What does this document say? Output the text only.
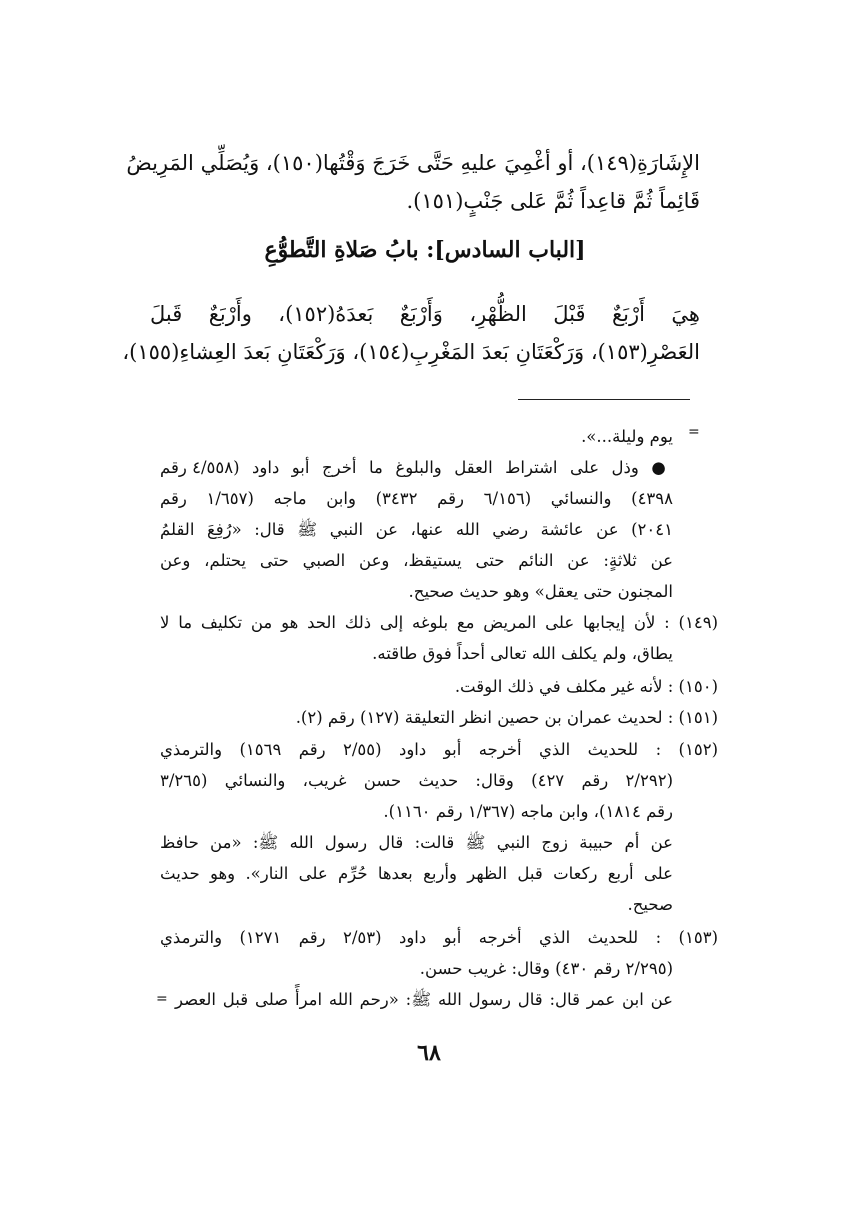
الإِشَارَةِ(١٤٩)، أو أغْمِيَ عليهِ حَتَّى خَرَجَ وَقْتُها(١٥٠)، وَيُصَلِّي المَرِيضُ
قَائِماً ثُمَّ قاعِداً ثُمَّ عَلى جَنْبٍ(١٥١).
[الباب السادس]: بابُ صَلاةِ التَّطوُّعِ
هِيَ أَرْبَعٌ قَبْلَ الظُّهْرِ، وَأَرْبَعٌ بَعدَهُ(١٥٢)، وأَرْبَعٌ قَبلَ
العَصْرِ(١٥٣)، وَرَكْعَتَانِ بَعدَ المَغْرِبِ(١٥٤)، وَرَكْعَتَانِ بَعدَ العِشاءِ(١٥٥)،
=
يوم وليلة...».
● وذل على اشتراط العقل والبلوغ ما أخرج أبو داود (٤/٥٥٨ رقم
٤٣٩٨) والنسائي (٦/١٥٦ رقم ٣٤٣٢) وابن ماجه (١/٦٥٧ رقم
٢٠٤١) عن عائشة رضي الله عنها، عن النبي ﷺ قال: «رُفِعَ القلمُ
عن ثلاثةٍ: عن النائم حتى يستيقظ، وعن الصبي حتى يحتلم، وعن
المجنون حتى يعقل» وهو حديث صحيح.
(١٤٩) : لأن إيجابها على المريض مع بلوغه إلى ذلك الحد هو من تكليف ما لا
يطاق، ولم يكلف الله تعالى أحداً فوق طاقته.
(١٥٠) : لأنه غير مكلف في ذلك الوقت.
(١٥١) : لحديث عمران بن حصين انظر التعليقة (١٢٧) رقم (٢).
(١٥٢) : للحديث الذي أخرجه أبو داود (٢/٥٥ رقم ١٥٦٩) والترمذي
(٢/٢٩٢ رقم ٤٢٧) وقال: حديث حسن غريب، والنسائي (٣/٢٦٥
رقم ١٨١٤)، وابن ماجه (١/٣٦٧ رقم ١١٦٠).
عن أم حبيبة زوج النبي ﷺ قالت: قال رسول الله ﷺ: «من حافظ
على أربع ركعات قبل الظهر وأربع بعدها حُرِّم على النار». وهو حديث
صحيح.
(١٥٣) : للحديث الذي أخرجه أبو داود (٢/٥٣ رقم ١٢٧١) والترمذي
(٢/٢٩٥ رقم ٤٣٠) وقال: غريب حسن.
عن ابن عمر قال: قال رسول الله ﷺ: «رحم الله امرأً صلى قبل العصر
=
٦٨
